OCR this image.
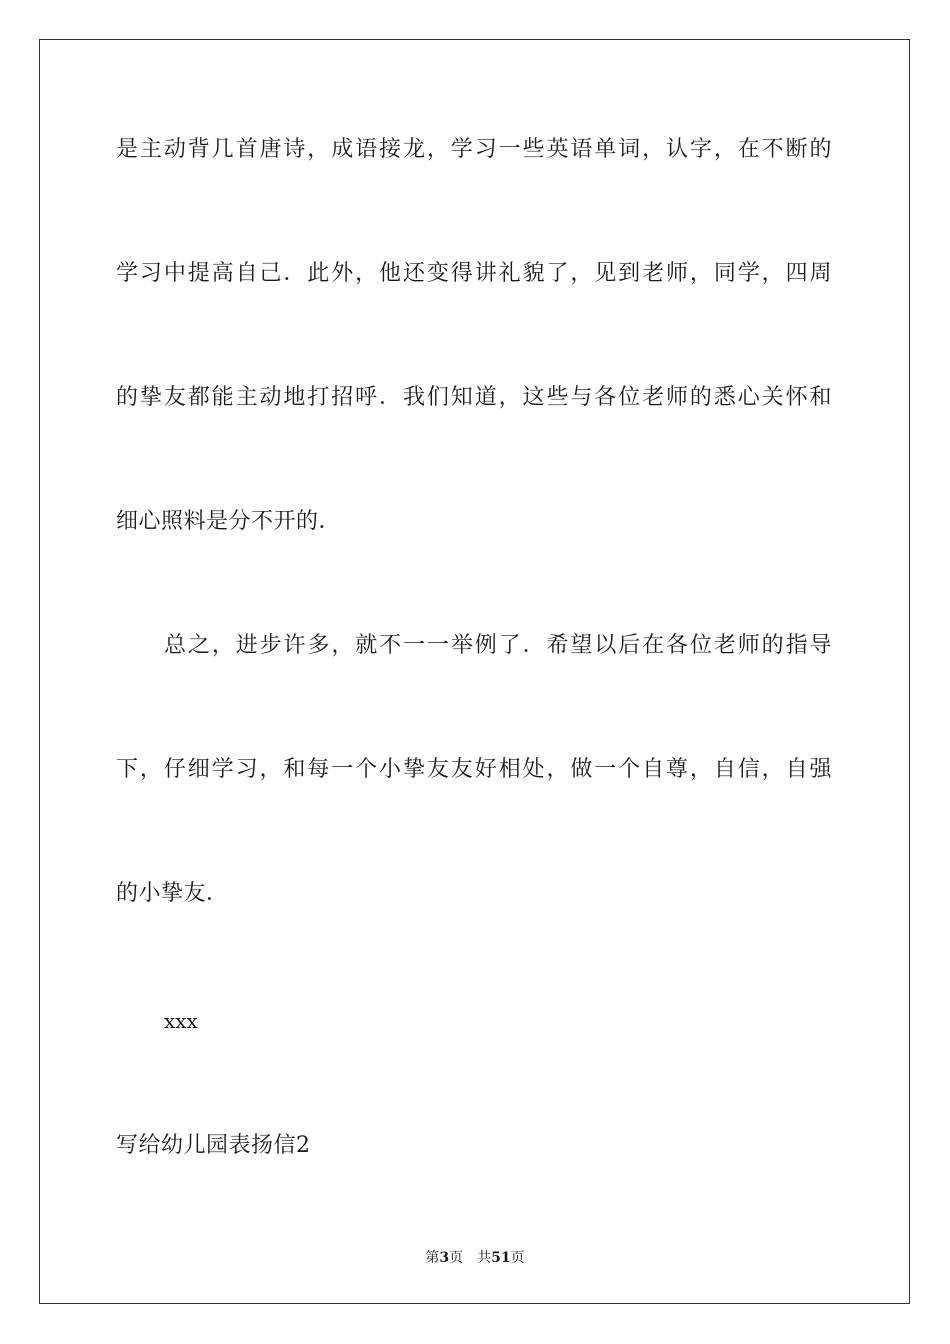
是主动背几首唐诗，成语接龙，学习一些英语单词，认字，在不断的
学习中提高自己．此外，他还变得讲礼貌了，见到老师，同学，四周
的挚友都能主动地打招呼．我们知道，这些与各位老师的悉心关怀和
细心照料是分不开的．
总之，进步许多，就不一一举例了．希望以后在各位老师的指导
下，仔细学习，和每一个小挚友友好相处，做一个自尊，自信，自强
的小挚友．
xxx
写给幼儿园表扬信2
第3页 共51页
